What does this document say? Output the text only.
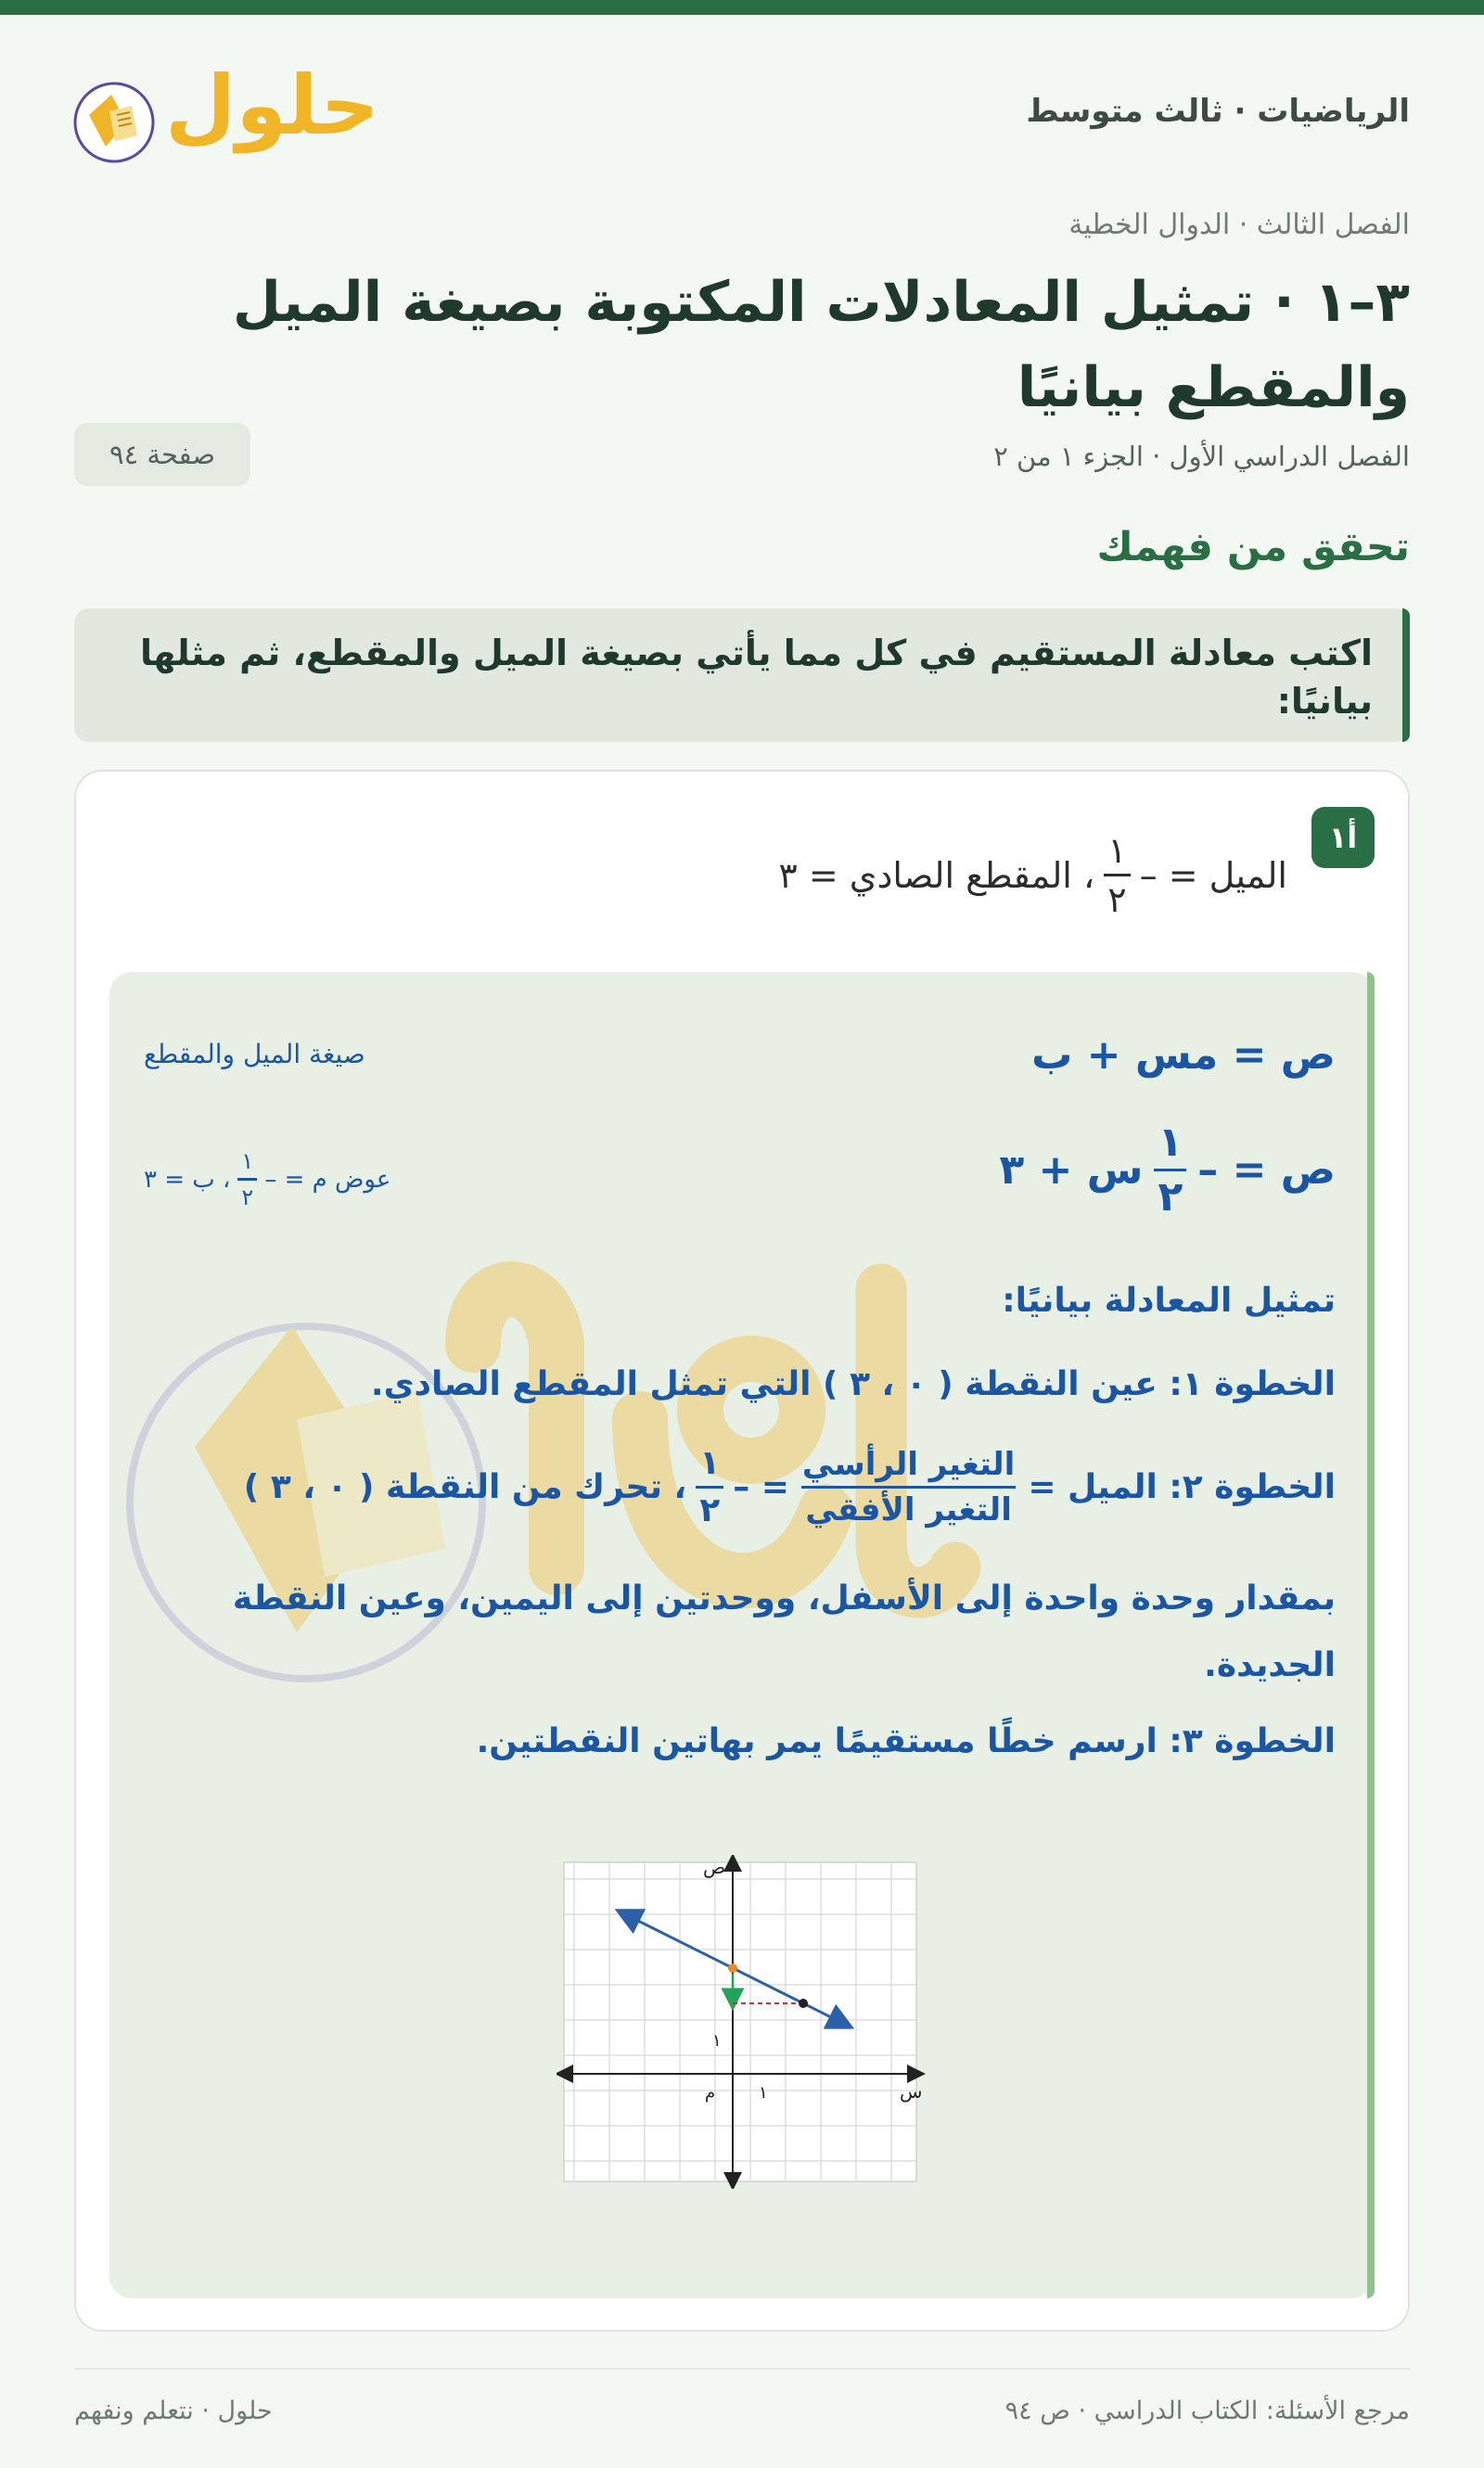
حلول	الرياضيات · ثالث متوسط
الفصل الثالث · الدوال الخطية
٣–١ · تمثيل المعادلات المكتوبة بصيغة الميل والمقطع بيانيًا
الفصل الدراسي الأول · الجزء ١ من ٢
صفحة ٩٤
تحقق من فهمك
اكتب معادلة المستقيم في كل مما يأتي بصيغة الميل والمقطع، ثم مثلها بيانيًا:
أ١
الميل = –
$\frac{١}{٢}$
، المقطع الصادي = ٣
ص = مس + ب
صيغة الميل والمقطع
ص = –
$\frac{١}{٢}$
س + ٣
عوض م = –
$\frac{١}{٢}$
، ب = ٣
تمثيل المعادلة بيانيًا:
الخطوة ١: عين النقطة ( ٠ ، ٣ ) التي تمثل المقطع الصادي.
الخطوة ٢: الميل =
$\frac{\text{التغير الرأسي}}{\text{التغير الأفقي}}$
= –
$\frac{١}{٢}$
، تحرك من النقطة ( ٠ ، ٣ )
بمقدار وحدة واحدة إلى الأسفل، ووحدتين إلى اليمين، وعين النقطة الجديدة.
الخطوة ٣: ارسم خطًا مستقيمًا يمر بهاتين النقطتين.
س
ص
م	١
١
مرجع الأسئلة: الكتاب الدراسي · ص ٩٤
حلول · نتعلم ونفهم
